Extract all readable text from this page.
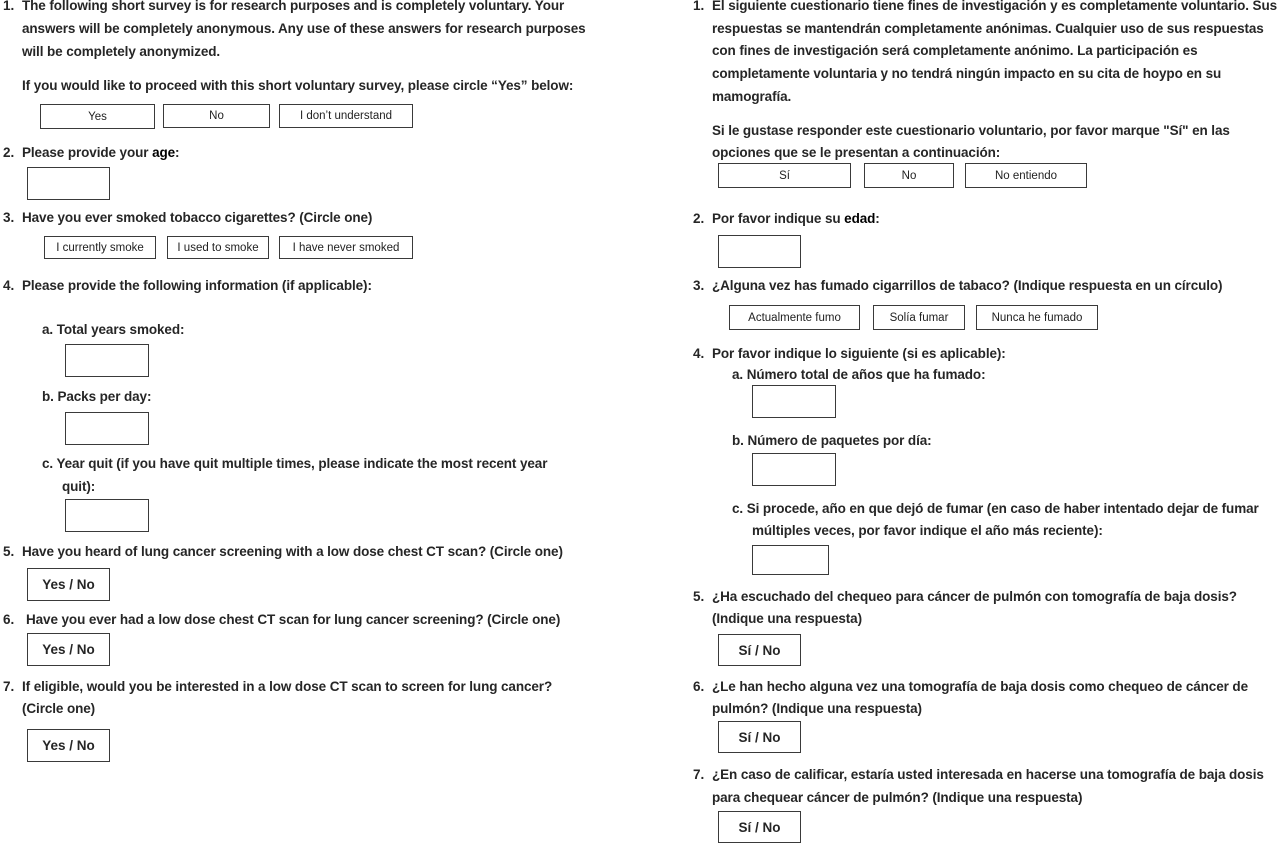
1. The following short survey is for research purposes and is completely voluntary. Your
answers will be completely anonymous. Any use of these answers for research purposes
will be completely anonymized.
If you would like to proceed with this short voluntary survey, please circle “Yes” below:
Yes	No	I don’t understand
2. Please provide your age:
3. Have you ever smoked tobacco cigarettes? (Circle one)
I currently smoke	I used to smoke	I have never smoked
4. Please provide the following information (if applicable):
a. Total years smoked:
b. Packs per day:
c. Year quit (if you have quit multiple times, please indicate the most recent year
quit):
5. Have you heard of lung cancer screening with a low dose chest CT scan? (Circle one)
Yes / No
6. Have you ever had a low dose chest CT scan for lung cancer screening? (Circle one)
Yes / No
7. If eligible, would you be interested in a low dose CT scan to screen for lung cancer?
(Circle one)
Yes / No
1. El siguiente cuestionario tiene fines de investigación y es completamente voluntario. Sus
respuestas se mantendrán completamente anónimas. Cualquier uso de sus respuestas
con fines de investigación será completamente anónimo. La participación es
completamente voluntaria y no tendrá ningún impacto en su cita de hoypo en su
mamografía.
Si le gustase responder este cuestionario voluntario, por favor marque "Sí" en las
opciones que se le presentan a continuación:
Sí	No	No entiendo
2. Por favor indique su edad:
3. ¿Alguna vez has fumado cigarrillos de tabaco? (Indique respuesta en un círculo)
Actualmente fumo	Solía fumar	Nunca he fumado
4. Por favor indique lo siguiente (si es aplicable):
a. Número total de años que ha fumado:
b. Número de paquetes por día:
c. Si procede, año en que dejó de fumar (en caso de haber intentado dejar de fumar
múltiples veces, por favor indique el año más reciente):
5. ¿Ha escuchado del chequeo para cáncer de pulmón con tomografía de baja dosis?
(Indique una respuesta)
Sí / No
6. ¿Le han hecho alguna vez una tomografía de baja dosis como chequeo de cáncer de
pulmón? (Indique una respuesta)
Sí / No
7. ¿En caso de calificar, estaría usted interesada en hacerse una tomografía de baja dosis
para chequear cáncer de pulmón? (Indique una respuesta)
Sí / No
